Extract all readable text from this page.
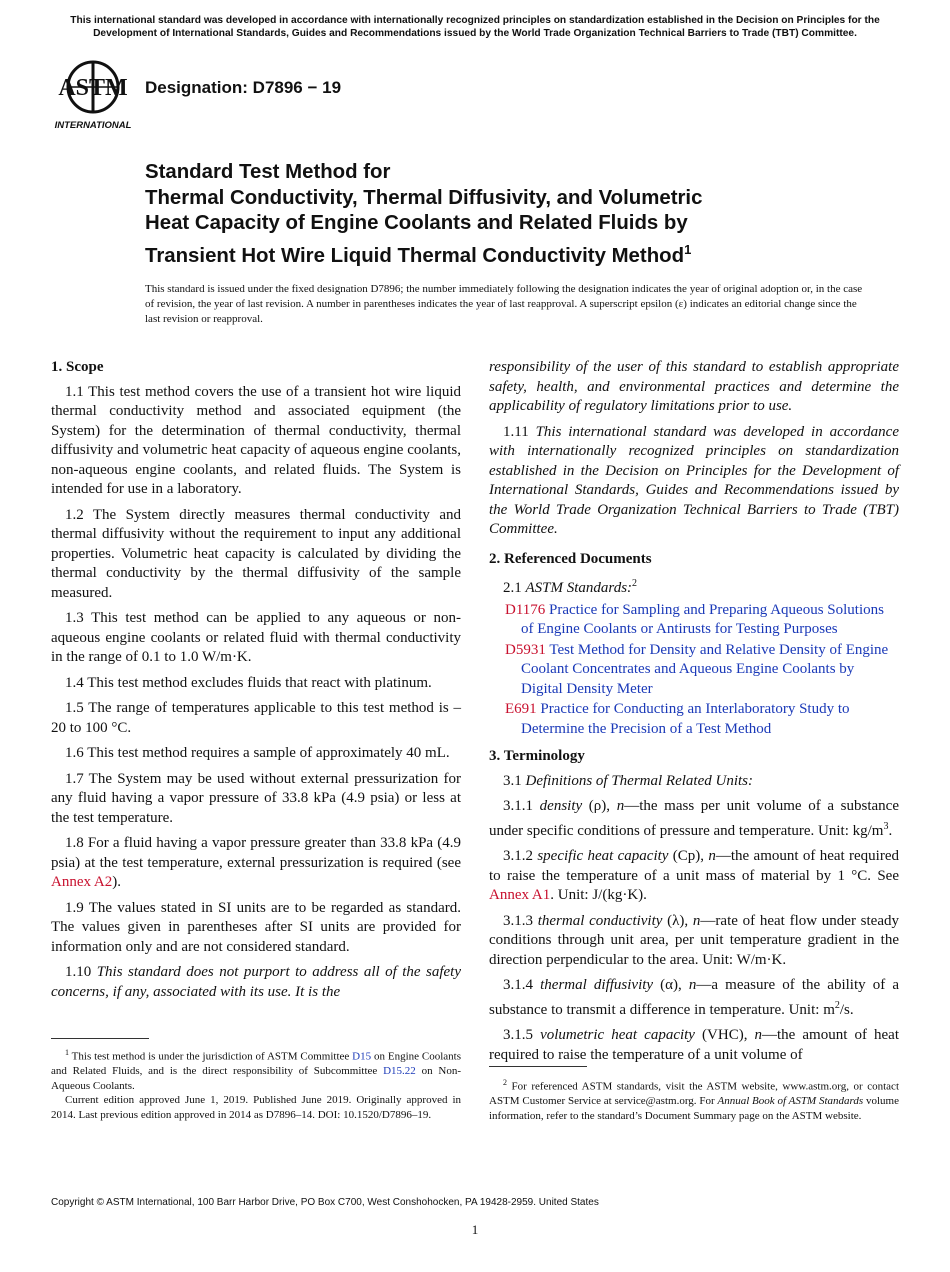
This international standard was developed in accordance with internationally recognized principles on standardization established in the Decision on Principles for the Development of International Standards, Guides and Recommendations issued by the World Trade Organization Technical Barriers to Trade (TBT) Committee.
ASTM
INTERNATIONAL
Designation: D7896 − 19
Standard Test Method for
Thermal Conductivity, Thermal Diffusivity, and Volumetric
Heat Capacity of Engine Coolants and Related Fluids by
Transient Hot Wire Liquid Thermal Conductivity Method$^1$

This standard is issued under the fixed designation D7896; the number immediately following the designation indicates the year of original adoption or, in the case of revision, the year of last revision. A number in parentheses indicates the year of last reapproval. A superscript epsilon (ε) indicates an editorial change since the last revision or reapproval.

1. Scope

1.1 This test method covers the use of a transient hot wire liquid thermal conductivity method and associated equipment (the System) for the determination of thermal conductivity, thermal diffusivity and volumetric heat capacity of aqueous engine coolants, non-aqueous engine coolants, and related fluids. The System is intended for use in a laboratory.

1.2 The System directly measures thermal conductivity and thermal diffusivity without the requirement to input any additional properties. Volumetric heat capacity is calculated by dividing the thermal conductivity by the thermal diffusivity of the sample measured.

1.3 This test method can be applied to any aqueous or non-aqueous engine coolants or related fluid with thermal conductivity in the range of 0.1 to 1.0 W/m·K.

1.4 This test method excludes fluids that react with platinum.

1.5 The range of temperatures applicable to this test method is –20 to 100 °C.

1.6 This test method requires a sample of approximately 40 mL.

1.7 The System may be used without external pressurization for any fluid having a vapor pressure of 33.8 kPa (4.9 psia) or less at the test temperature.

1.8 For a fluid having a vapor pressure greater than 33.8 kPa (4.9 psia) at the test temperature, external pressurization is required (see Annex A2).

1.9 The values stated in SI units are to be regarded as standard. The values given in parentheses after SI units are provided for information only and are not considered standard.

1.10 This standard does not purport to address all of the safety concerns, if any, associated with its use. It is the

responsibility of the user of this standard to establish appropriate safety, health, and environmental practices and determine the applicability of regulatory limitations prior to use.

1.11 This international standard was developed in accordance with internationally recognized principles on standardization established in the Decision on Principles for the Development of International Standards, Guides and Recommendations issued by the World Trade Organization Technical Barriers to Trade (TBT) Committee.

2. Referenced Documents

2.1 ASTM Standards:$^2$

D1176 Practice for Sampling and Preparing Aqueous Solutions of Engine Coolants or Antirusts for Testing Purposes
D5931 Test Method for Density and Relative Density of Engine Coolant Concentrates and Aqueous Engine Coolants by Digital Density Meter
E691 Practice for Conducting an Interlaboratory Study to Determine the Precision of a Test Method
3. Terminology

3.1 Definitions of Thermal Related Units:

3.1.1 density (ρ), n—the mass per unit volume of a substance under specific conditions of pressure and temperature. Unit: $kg/m^3$.

3.1.2 specific heat capacity (Cp), n—the amount of heat required to raise the temperature of a unit mass of material by 1 °C. See Annex A1. Unit: J/(kg·K).

3.1.3 thermal conductivity (λ), n—rate of heat flow under steady conditions through unit area, per unit temperature gradient in the direction perpendicular to the area. Unit: W/m·K.

3.1.4 thermal diffusivity (α), n—a measure of the ability of a substance to transmit a difference in temperature. Unit: $m^2/s$.

3.1.5 volumetric heat capacity (VHC), n—the amount of heat required to raise the temperature of a unit volume of

$^1$ This test method is under the jurisdiction of ASTM Committee D15 on Engine Coolants and Related Fluids, and is the direct responsibility of Subcommittee D15.22 on Non-Aqueous Coolants.

Current edition approved June 1, 2019. Published June 2019. Originally approved in 2014. Last previous edition approved in 2014 as D7896–14. DOI: 10.1520/D7896–19.

$^2$ For referenced ASTM standards, visit the ASTM website, www.astm.org, or contact ASTM Customer Service at service@astm.org. For Annual Book of ASTM Standards volume information, refer to the standard’s Document Summary page on the ASTM website.

Copyright © ASTM International, 100 Barr Harbor Drive, PO Box C700, West Conshohocken, PA 19428-2959. United States
1
